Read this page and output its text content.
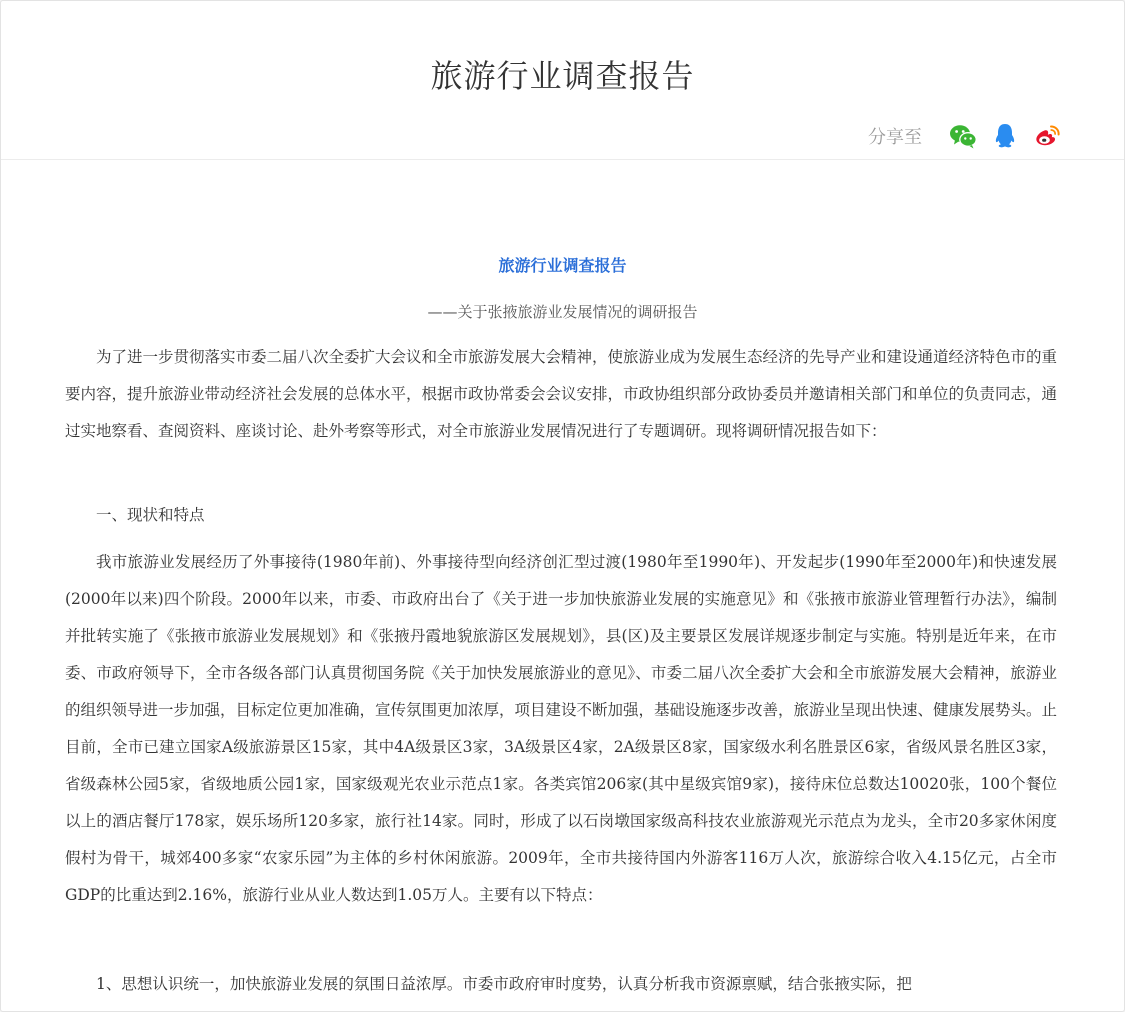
旅游行业调查报告
分享至

旅游行业调查报告

——关于张掖旅游业发展情况的调研报告

为了进一步贯彻落实市委二届八次全委扩大会议和全市旅游发展大会精神，使旅游业成为发展生态经济的先导产业和建设通道经济特色市的重要内容，提升旅游业带动经济社会发展的总体水平，根据市政协常委会会议安排，市政协组织部分政协委员并邀请相关部门和单位的负责同志，通过实地察看、查阅资料、座谈讨论、赴外考察等形式，对全市旅游业发展情况进行了专题调研。现将调研情况报告如下：

一、现状和特点

我市旅游业发展经历了外事接待(1980年前)、外事接待型向经济创汇型过渡(1980年至1990年)、开发起步(1990年至2000年)和快速发展(2000年以来)四个阶段。2000年以来，市委、市政府出台了《关于进一步加快旅游业发展的实施意见》和《张掖市旅游业管理暂行办法》，编制并批转实施了《张掖市旅游业发展规划》和《张掖丹霞地貌旅游区发展规划》，县(区)及主要景区发展详规逐步制定与实施。特别是近年来，在市委、市政府领导下，全市各级各部门认真贯彻国务院《关于加快发展旅游业的意见》、市委二届八次全委扩大会和全市旅游发展大会精神，旅游业的组织领导进一步加强，目标定位更加准确，宣传氛围更加浓厚，项目建设不断加强，基础设施逐步改善，旅游业呈现出快速、健康发展势头。止目前，全市已建立国家A级旅游景区15家，其中4A级景区3家，3A级景区4家，2A级景区8家，国家级水利名胜景区6家，省级风景名胜区3家，省级森林公园5家，省级地质公园1家，国家级观光农业示范点1家。各类宾馆206家(其中星级宾馆9家)，接待床位总数达10020张，100个餐位以上的酒店餐厅178家，娱乐场所120多家，旅行社14家。同时，形成了以石岗墩国家级高科技农业旅游观光示范点为龙头，全市20多家休闲度假村为骨干，城郊400多家“农家乐园”为主体的乡村休闲旅游。2009年，全市共接待国内外游客116万人次，旅游综合收入4.15亿元，占全市GDP的比重达到2.16%，旅游行业从业人数达到1.05万人。主要有以下特点：

1、思想认识统一，加快旅游业发展的氛围日益浓厚。市委市政府审时度势，认真分析我市资源禀赋，结合张掖实际，把
